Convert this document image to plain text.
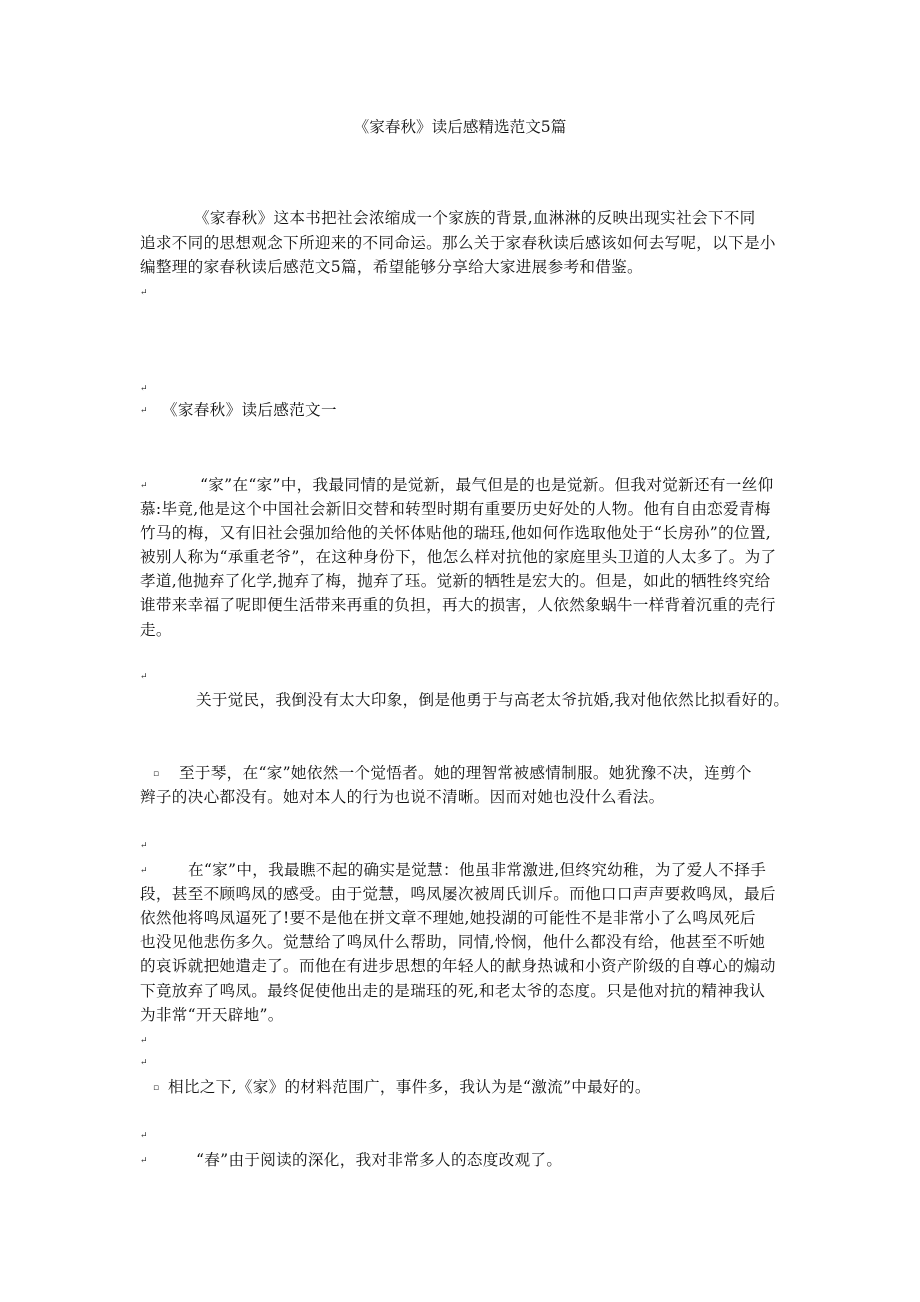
《家春秋》读后感精选范文5篇
《家春秋》这本书把社会浓缩成一个家族的背景,血淋淋的反映出现实社会下不同
追求不同的思想观念下所迎来的不同命运。那么关于家春秋读后感该如何去写呢，以下是小
编整理的家春秋读后感范文5篇，希望能够分享给大家进展参考和借鉴。
↵
↵
↵ 《家春秋》读后感范文一
↵	“家”在“家”中，我最同情的是觉新，最气但是的也是觉新。但我对觉新还有一丝仰
慕:毕竟,他是这个中国社会新旧交替和转型时期有重要历史好处的人物。他有自由恋爱青梅
竹马的梅，又有旧社会强加给他的关怀体贴他的瑞珏,他如何作选取他处于“长房孙”的位置,
被别人称为“承重老爷”，在这种身份下，他怎么样对抗他的家庭里头卫道的人太多了。为了
孝道,他抛弃了化学,抛弃了梅，抛弃了珏。觉新的牺牲是宏大的。但是，如此的牺牲终究给
谁带来幸福了呢即便生活带来再重的负担，再大的损害，人依然象蜗牛一样背着沉重的壳行
走。
↵
关于觉民，我倒没有太大印象，倒是他勇于与高老太爷抗婚,我对他依然比拟看好的。
▫ 至于琴，在“家”她依然一个觉悟者。她的理智常被感情制服。她犹豫不决，连剪个
辫子的决心都没有。她对本人的行为也说不清晰。因而对她也没什么看法。
↵
↵	在“家”中，我最瞧不起的确实是觉慧：他虽非常激进,但终究幼稚，为了爱人不择手
段，甚至不顾鸣凤的感受。由于觉慧，鸣凤屡次被周氏训斥。而他口口声声要救鸣凤，最后
依然他将鸣凤逼死了!要不是他在拼文章不理她,她投湖的可能性不是非常小了么鸣凤死后
也没见他悲伤多久。觉慧给了鸣凤什么帮助，同情,怜悯，他什么都没有给，他甚至不听她
的哀诉就把她遣走了。而他在有进步思想的年轻人的献身热诚和小资产阶级的自尊心的煽动
下竟放弃了鸣凤。最终促使他出走的是瑞珏的死,和老太爷的态度。只是他对抗的精神我认
为非常“开天辟地”。
↵
↵
▫ 相比之下,《家》的材料范围广，事件多，我认为是“激流”中最好的。
↵
↵	“春”由于阅读的深化，我对非常多人的态度改观了。
